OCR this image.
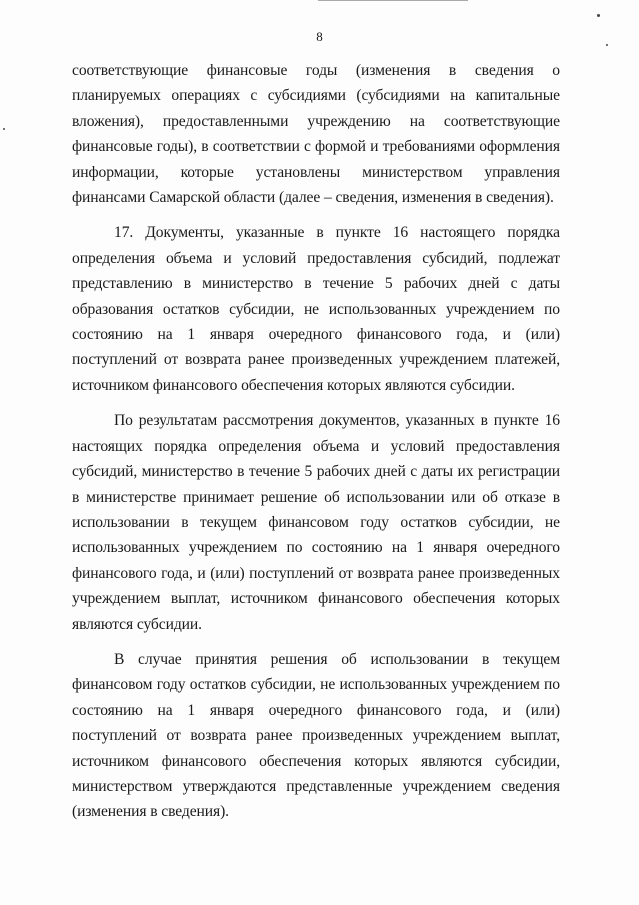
8

соответствующие финансовые годы (изменения в сведения о планируемых операциях с субсидиями (субсидиями на капитальные вложения), предоставленными учреждению на соответствующие финансовые годы), в соответствии с формой и требованиями оформления информации, которые установлены министерством управления финансами Самарской области (далее – сведения, изменения в сведения).

17. Документы, указанные в пункте 16 настоящего порядка определения объема и условий предоставления субсидий, подлежат представлению в министерство в течение 5 рабочих дней с даты образования остатков субсидии, не использованных учреждением по состоянию на 1 января очередного финансового года, и (или) поступлений от возврата ранее произведенных учреждением платежей, источником финансового обеспечения которых являются субсидии.

По результатам рассмотрения документов, указанных в пункте 16 настоящих порядка определения объема и условий предоставления субсидий, министерство в течение 5 рабочих дней с даты их регистрации в министерстве принимает решение об использовании или об отказе в использовании в текущем финансовом году остатков субсидии, не использованных учреждением по состоянию на 1 января очередного финансового года, и (или) поступлений от возврата ранее произведенных учреждением выплат, источником финансового обеспечения которых являются субсидии.

В случае принятия решения об использовании в текущем финансовом году остатков субсидии, не использованных учреждением по состоянию на 1 января очередного финансового года, и (или) поступлений от возврата ранее произведенных учреждением выплат, источником финансового обеспечения которых являются субсидии, министерством утверждаются представленные учреждением сведения (изменения в сведения).
